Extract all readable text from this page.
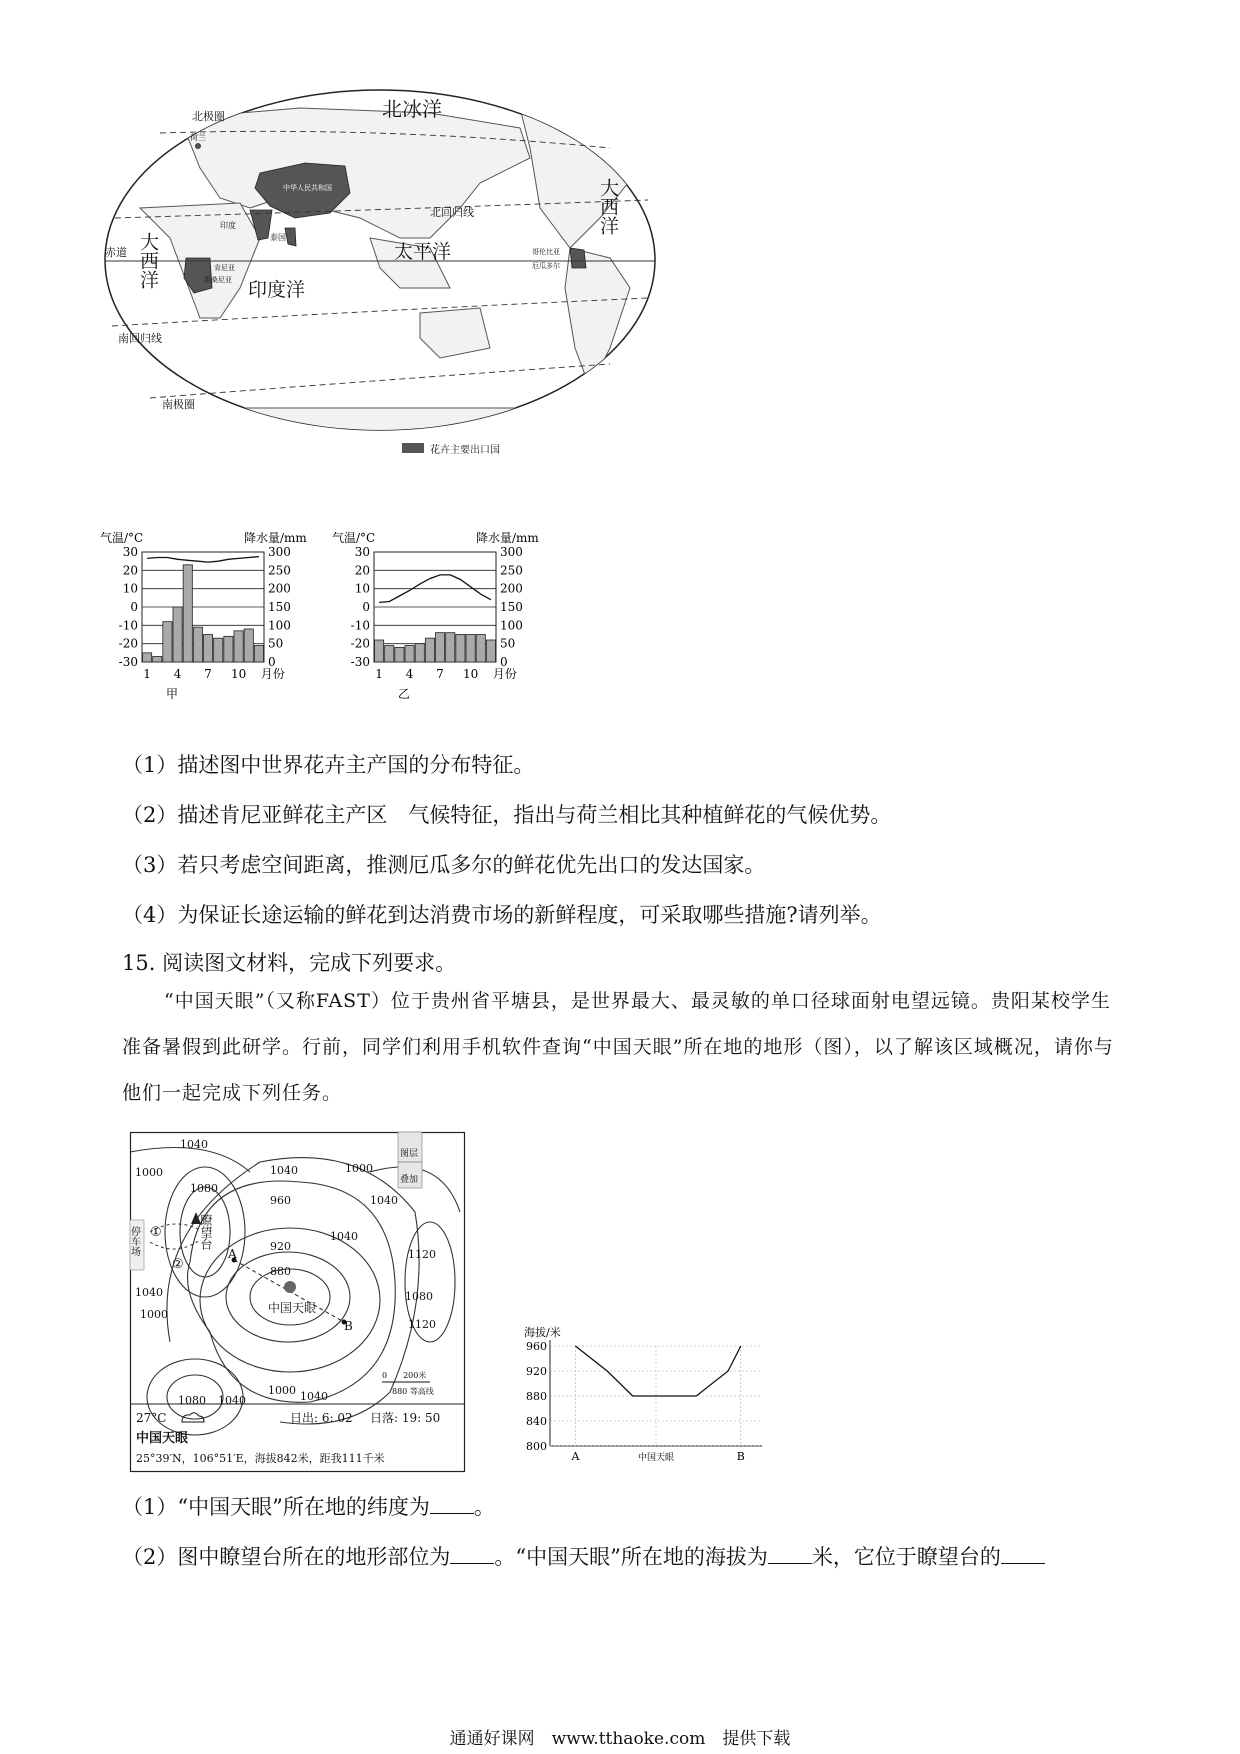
北冰洋
太平洋
印度洋
大西洋
大西洋
北极圈
北回归线
赤道
南回归线
南极圈
荷兰
中华人民共和国
印度
泰国
肯尼亚
坦桑尼亚
哥伦比亚
厄瓜多尔
花卉主要出口国
气温/°C	降水量/mm
30	300
20	250
10	200
0	150
-10	100
-20	50
-30	0
1 4 7 10 月份
甲
气温/°C	降水量/mm
30	300
20	250
10	200
0	150
-10	100
-20	50
-30	0
1 4 7 10 月份
乙
（1）描述图中世界花卉主产国的分布特征。
（2）描述肯尼亚鲜花主产区　气候特征，指出与荷兰相比其种植鲜花的气候优势。
（3）若只考虑空间距离，推测厄瓜多尔的鲜花优先出口的发达国家。
（4）为保证长途运输的鲜花到达消费市场的新鲜程度，可采取哪些措施?请列举。
15. 阅读图文材料，完成下列要求。
“中国天眼”（又称FAST）位于贵州省平塘县，是世界最大、最灵敏的单口径球面射电望远镜。贵阳某校学生准备暑假到此研学。行前，同学们利用手机软件查询“中国天眼”所在地的地形（图），以了解该区域概况，请你与他们一起完成下列任务。
1040
1000
1080
1040	1000
960
920
880
1040
1120
1040	1080
1120
1040
1000
1080 1040
1000 1040
瞭望台
停车场
中国天眼
①
②
A
B
图层
叠加
0　　200米
880 等高线
27°C	日出: 6: 02 日落: 19: 50
中国天眼
25°39′N，106°51′E，海拔842米，距我111千米
海拔/米
960
920
880
840
800
A	中国天眼	B
（1）“中国天眼”所在地的纬度为 。
（2）图中瞭望台所在的地形部位为 。“中国天眼”所在地的海拔为 米，它位于瞭望台的
通通好课网　www.tthaoke.com　提供下载
